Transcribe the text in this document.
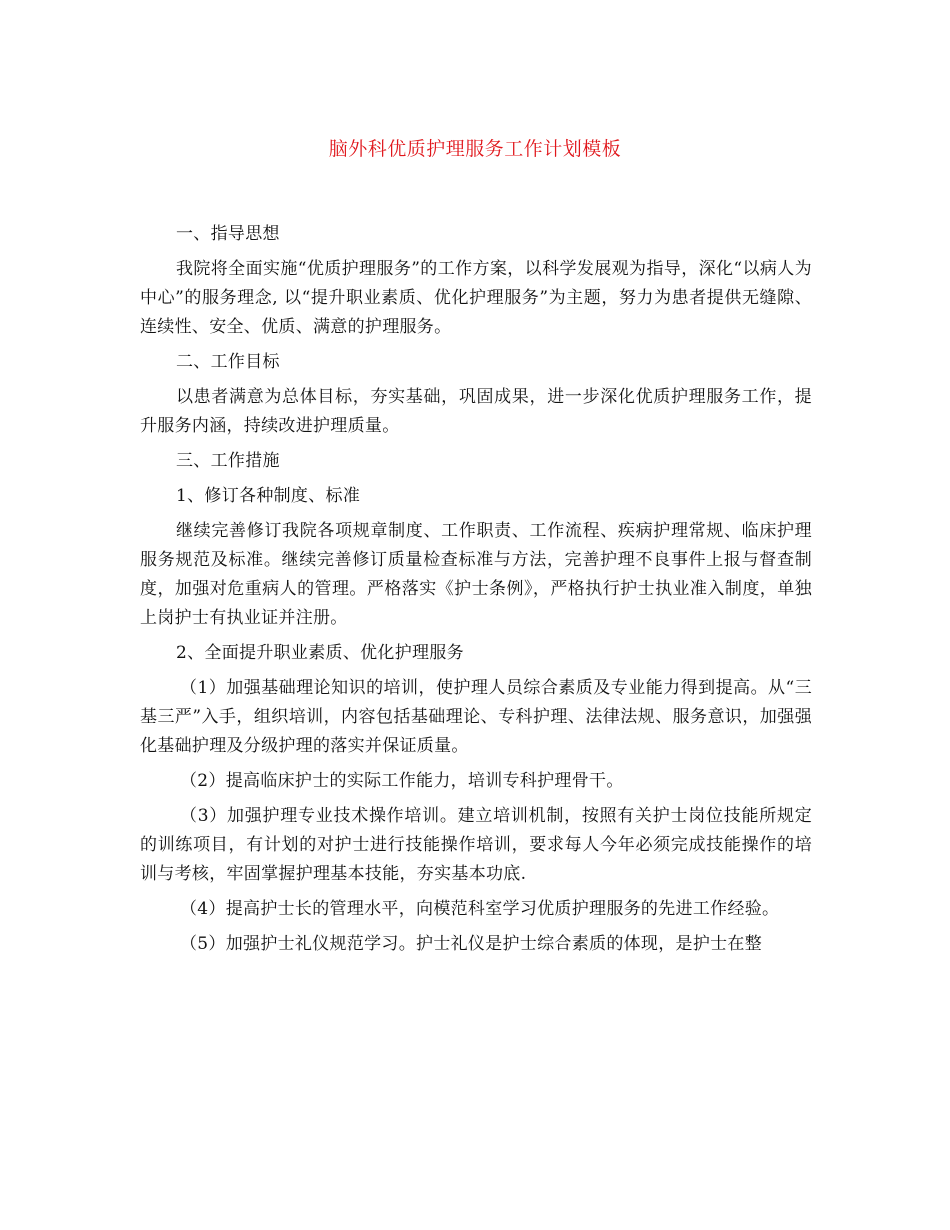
脑外科优质护理服务工作计划模板

一、指导思想

我院将全面实施“优质护理服务”的工作方案，以科学发展观为指导，深化“以病人为中心”的服务理念, 以“提升职业素质、优化护理服务”为主题，努力为患者提供无缝隙、连续性、安全、优质、满意的护理服务。

二、工作目标

以患者满意为总体目标，夯实基础，巩固成果，进一步深化优质护理服务工作，提升服务内涵，持续改进护理质量。

三、工作措施

1、修订各种制度、标准

继续完善修订我院各项规章制度、工作职责、工作流程、疾病护理常规、临床护理服务规范及标准。继续完善修订质量检查标准与方法，完善护理不良事件上报与督查制度，加强对危重病人的管理。严格落实《护士条例》，严格执行护士执业准入制度，单独上岗护士有执业证并注册。

2、全面提升职业素质、优化护理服务

（1）加强基础理论知识的培训，使护理人员综合素质及专业能力得到提高。从“三基三严”入手，组织培训，内容包括基础理论、专科护理、法律法规、服务意识，加强强化基础护理及分级护理的落实并保证质量。

（2）提高临床护士的实际工作能力，培训专科护理骨干。

（3）加强护理专业技术操作培训。建立培训机制，按照有关护士岗位技能所规定的训练项目，有计划的对护士进行技能操作培训，要求每人今年必须完成技能操作的培训与考核，牢固掌握护理基本技能，夯实基本功底.

（4）提高护士长的管理水平，向模范科室学习优质护理服务的先进工作经验。

（5）加强护士礼仪规范学习。护士礼仪是护士综合素质的体现，是护士在整
